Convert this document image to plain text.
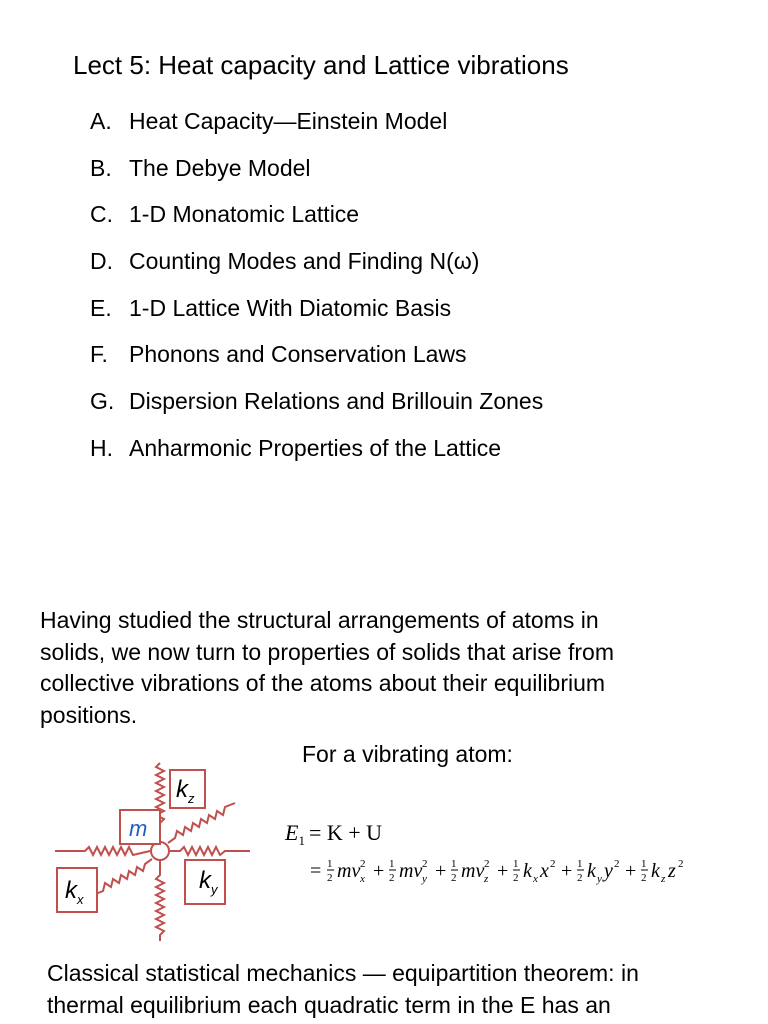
Lect 5: Heat capacity and Lattice vibrations
A. Heat Capacity—Einstein Model
B. The Debye Model
C. 1-D Monatomic Lattice
D. Counting Modes and Finding N(ω)
E. 1-D Lattice With Diatomic Basis
F. Phonons and Conservation Laws
G. Dispersion Relations and Brillouin Zones
H. Anharmonic Properties of the Lattice

Having studied the structural arrangements of atoms in
solids, we now turn to properties of solids that arise from
collective vibrations of the atoms about their equilibrium
positions.

For a vibrating atom:
m
$k_z$
$k_x$
$k_y$
$E_1 = K + U$
= 1
2 mv 2
x + 1
2 mv 2
y + 1
2 mv 2
z + 1
2 k x x 2 + 1
2 k y y 2 + 1
2 k z z 2

Classical statistical mechanics — equipartition theorem: in
thermal equilibrium each quadratic term in the E has an
